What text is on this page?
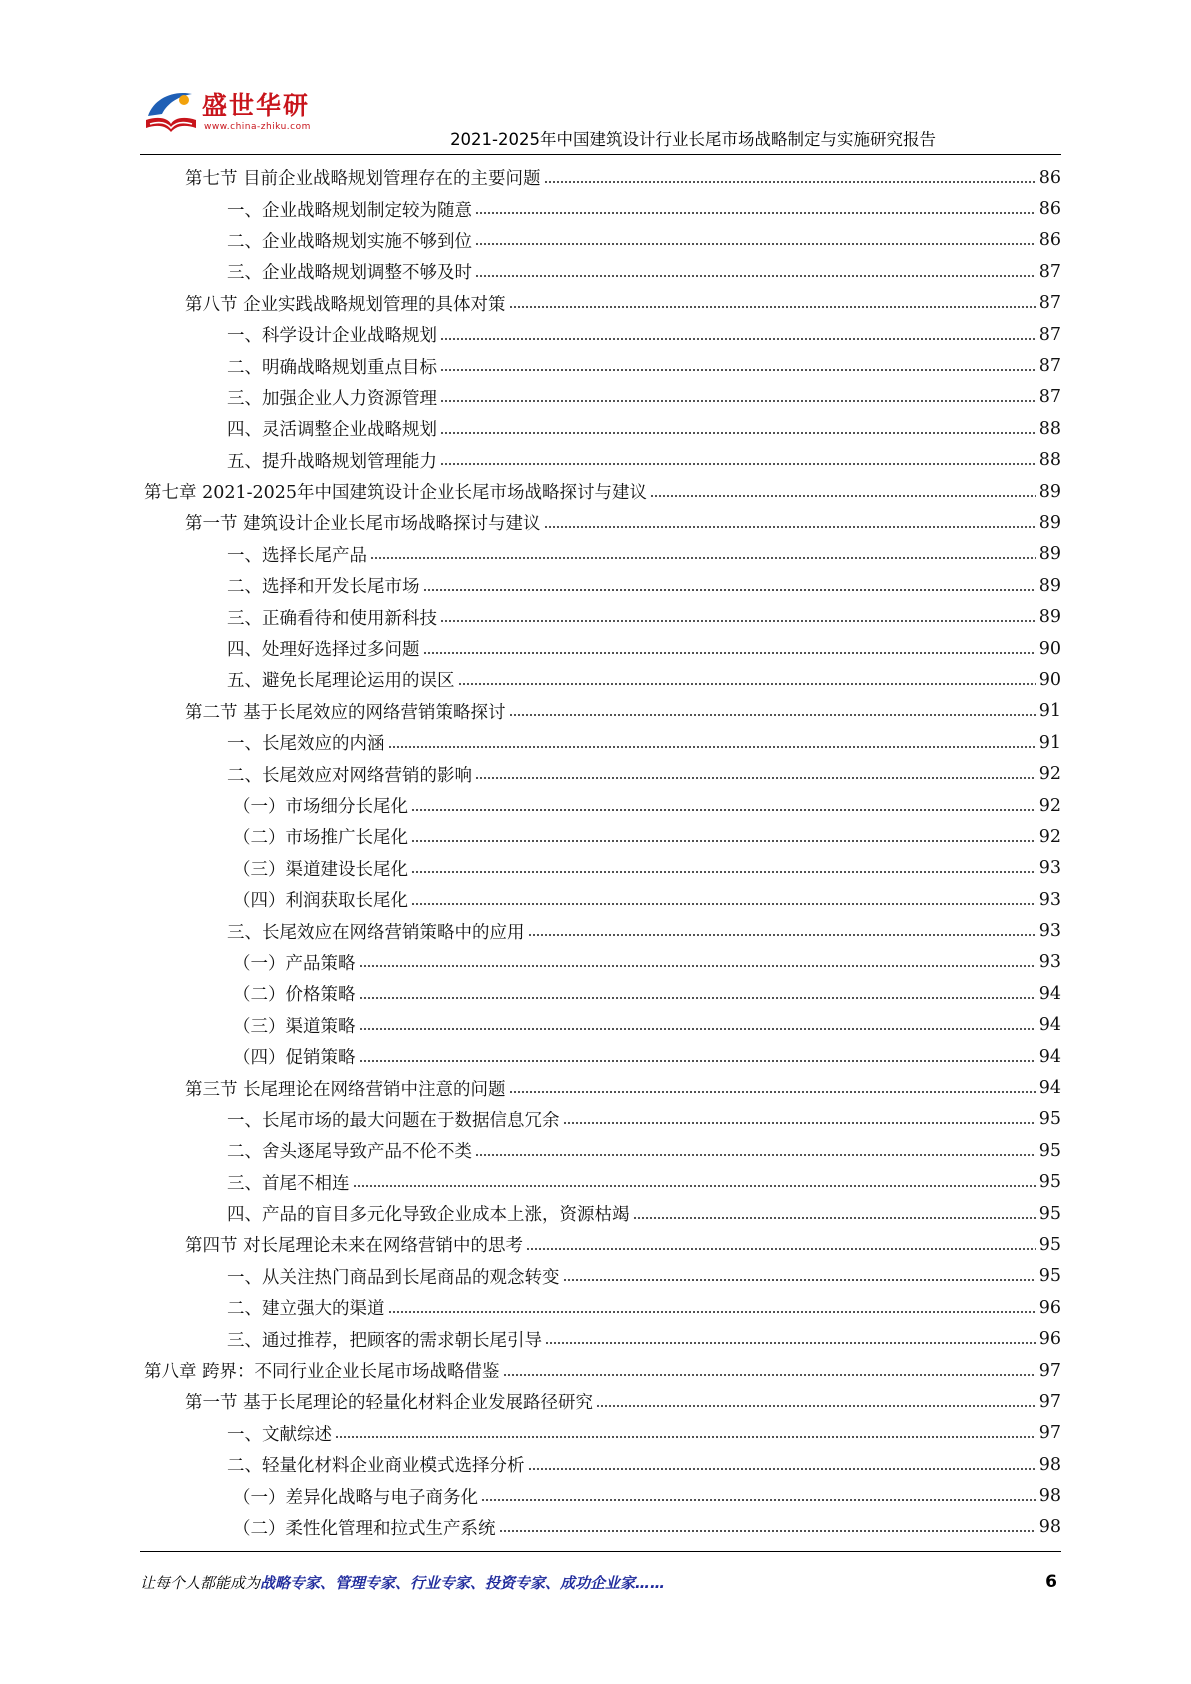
盛世华研
www.china-zhiku.com
2021-2025年中国建筑设计行业长尾市场战略制定与实施研究报告
第七节 目前企业战略规划管理存在的主要问题	86
一、企业战略规划制定较为随意	86
二、企业战略规划实施不够到位	86
三、企业战略规划调整不够及时	87
第八节 企业实践战略规划管理的具体对策	87
一、科学设计企业战略规划	87
二、明确战略规划重点目标	87
三、加强企业人力资源管理	87
四、灵活调整企业战略规划	88
五、提升战略规划管理能力	88
第七章 2021-2025年中国建筑设计企业长尾市场战略探讨与建议	89
第一节 建筑设计企业长尾市场战略探讨与建议	89
一、选择长尾产品	89
二、选择和开发长尾市场	89
三、正确看待和使用新科技	89
四、处理好选择过多问题	90
五、避免长尾理论运用的误区	90
第二节 基于长尾效应的网络营销策略探讨	91
一、长尾效应的内涵	91
二、长尾效应对网络营销的影响	92
（一）市场细分长尾化	92
（二）市场推广长尾化	92
（三）渠道建设长尾化	93
（四）利润获取长尾化	93
三、长尾效应在网络营销策略中的应用	93
（一）产品策略	93
（二）价格策略	94
（三）渠道策略	94
（四）促销策略	94
第三节 长尾理论在网络营销中注意的问题	94
一、长尾市场的最大问题在于数据信息冗余	95
二、舍头逐尾导致产品不伦不类	95
三、首尾不相连	95
四、产品的盲目多元化导致企业成本上涨，资源枯竭	95
第四节 对长尾理论未来在网络营销中的思考	95
一、从关注热门商品到长尾商品的观念转变	95
二、建立强大的渠道	96
三、通过推荐，把顾客的需求朝长尾引导	96
第八章 跨界：不同行业企业长尾市场战略借鉴	97
第一节 基于长尾理论的轻量化材料企业发展路径研究	97
一、文献综述	97
二、轻量化材料企业商业模式选择分析	98
（一）差异化战略与电子商务化	98
（二）柔性化管理和拉式生产系统	98
让每个人都能成为战略专家、管理专家、行业专家、投资专家、成功企业家……	6
